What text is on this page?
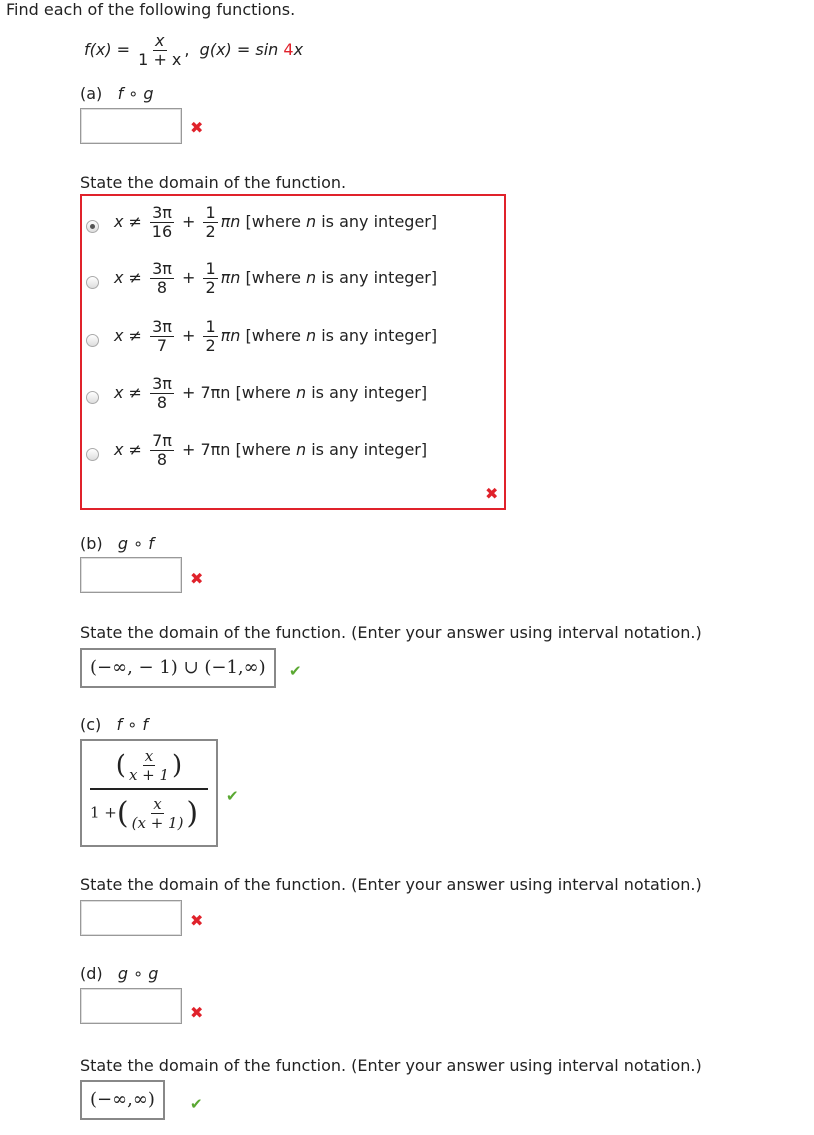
Find each of the following functions.
$f(x) = \frac{x}{1 + x}$ , g(x) = sin 4x
(a) f ∘ g
✖
State the domain of the function.
$x \ne \frac{3\pi}{16} + \frac{1}{2}$ πn [where n is any integer]
$x \ne \frac{3\pi}{8} + \frac{1}{2}$ πn [where n is any integer]
$x \ne \frac{3\pi}{7} + \frac{1}{2}$ πn [where n is any integer]
$x \ne \frac{3\pi}{8} + 7\pi n$ [where n is any integer]
$x \ne \frac{7\pi}{8} + 7\pi n$ [where n is any integer]
✖
(b) g ∘ f
✖
State the domain of the function. (Enter your answer using interval notation.)
(−∞, − 1) ∪ (−1,∞)	✔
(c) f ∘ f
$\frac{( \frac{x}{x + 1} )}{1 +( \frac{x}{(x + 1)} )}$ ✔
State the domain of the function. (Enter your answer using interval notation.)
✖
(d) g ∘ g
✖
State the domain of the function. (Enter your answer using interval notation.)
(−∞,∞)	✔
